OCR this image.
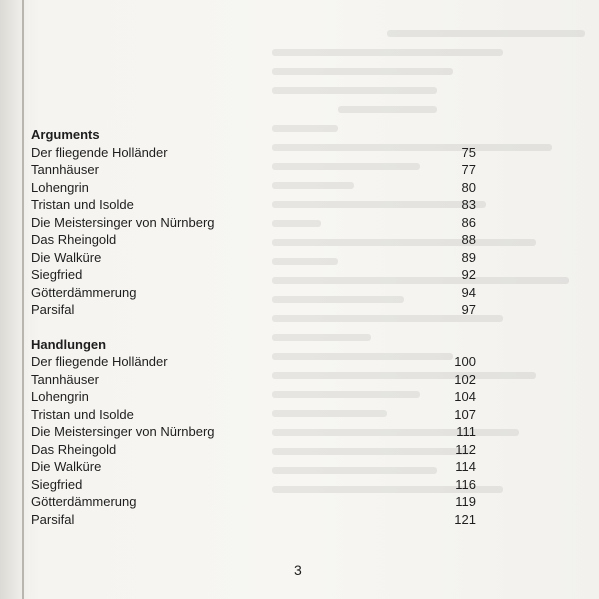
Arguments
Der fliegende Holländer	75
Tannhäuser	77
Lohengrin	80
Tristan und Isolde	83
Die Meistersinger von Nürnberg	86
Das Rheingold	88
Die Walküre	89
Siegfried	92
Götterdämmerung	94
Parsifal	97
Handlungen
Der fliegende Holländer	100
Tannhäuser	102
Lohengrin	104
Tristan und Isolde	107
Die Meistersinger von Nürnberg	111
Das Rheingold	112
Die Walküre	114
Siegfried	116
Götterdämmerung	119
Parsifal	121
3
